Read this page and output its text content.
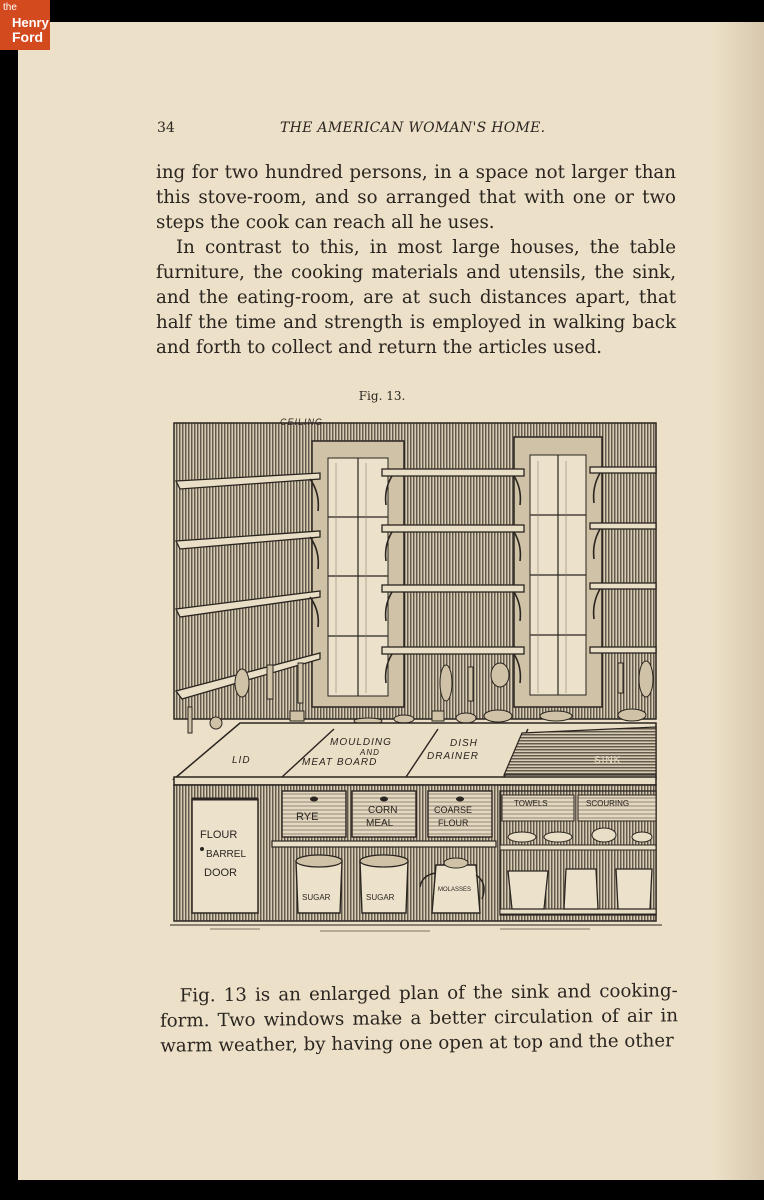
the
Henry
Ford
34	THE AMERICAN WOMAN'S HOME.

ing for two hundred persons, in a space not larger than this stove-room, and so arranged that with one or two steps the cook can reach all he uses.

In contrast to this, in most large houses, the table furniture, the cooking materials and utensils, the sink, and the eating-room, are at such distances apart, that half the time and strength is employed in walking back and forth to collect and return the articles used.

Fig. 13.
CEILING
LID
MOULDING
AND
MEAT BOARD
DISH
DRAINER	SINK
RYE
CORN
MEAL
COARSE
FLOUR
TOWELS	SCOURING
FLOUR
BARREL
DOOR
SUGAR	SUGAR
MOLASSES

Fig. 13 is an enlarged plan of the sink and cooking-form. Two windows make a better circulation of air in warm weather, by having one open at top and the other
